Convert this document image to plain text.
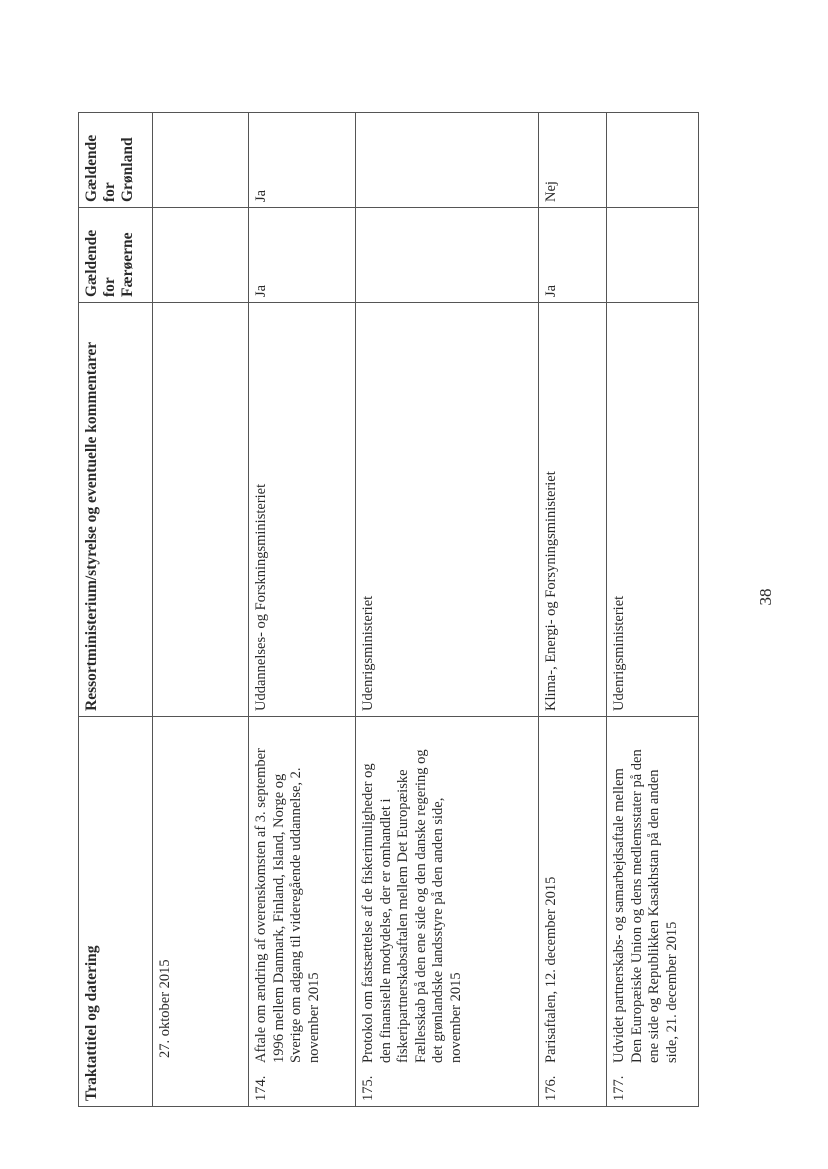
Traktattitel og datering	Ressortministerium/styrelse og eventuelle kommentarer	Gældende for Færøerne	Gældende for Grønland
27. oktober 2015			
174.Aftale om ændring af overenskomsten af 3. september 1996 mellem Danmark, Finland, Island, Norge og Sverige om adgang til videregående uddannelse, 2. november 2015	Uddannelses- og Forskningsministeriet	Ja	Ja
175.Protokol om fastsættelse af de fiskerimuligheder og den finansielle modydelse, der er omhandlet i fiskeripartnerskabsaftalen mellem Det Europæiske Fællesskab på den ene side og den danske regering og det grønlandske landsstyre på den anden side, november 2015	Udenrigsministeriet		
176.Parisaftalen, 12. december 2015	Klima-, Energi- og Forsyningsministeriet	Ja	Nej
177.Udvidet partnerskabs- og samarbejdsaftale mellem Den Europæiske Union og dens medlemsstater på den ene side og Republikken Kasakhstan på den anden side, 21. december 2015	Udenrigsministeriet			38
